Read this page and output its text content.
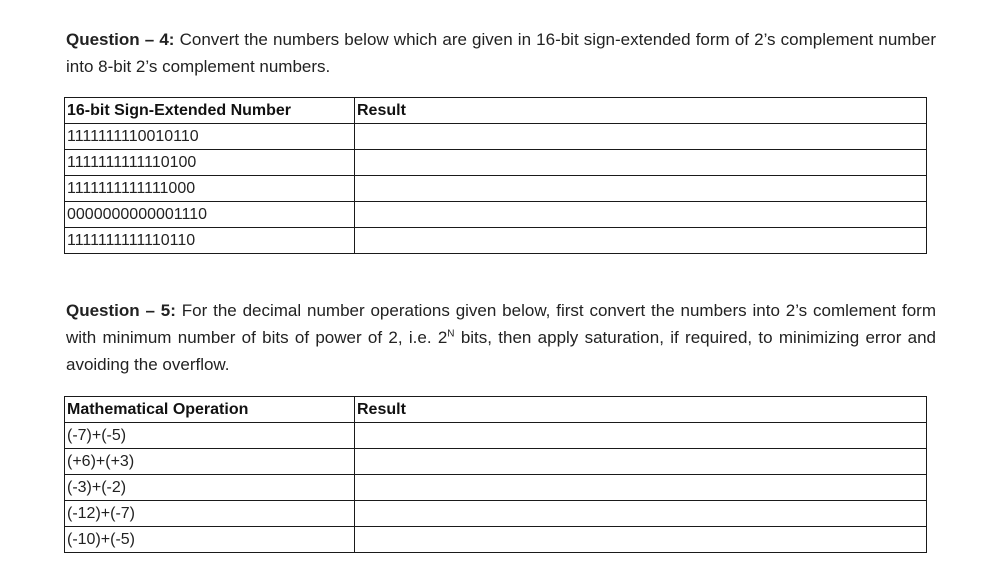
Question – 4: Convert the numbers below which are given in 16-bit sign-extended form of 2’s complement number into 8-bit 2’s complement numbers.
16-bit Sign-Extended Number	Result
1111111110010110	
1111111111110100	
1111111111111000	
0000000000001110	
1111111111110110	
Question – 5: For the decimal number operations given below, first convert the numbers into 2’s comlement form with minimum number of bits of power of 2, i.e. $2^N$ bits, then apply saturation, if required, to minimizing error and avoiding the overflow.
Mathematical Operation	Result
(-7)+(-5)	
(+6)+(+3)	
(-3)+(-2)	
(-12)+(-7)	
(-10)+(-5)	
